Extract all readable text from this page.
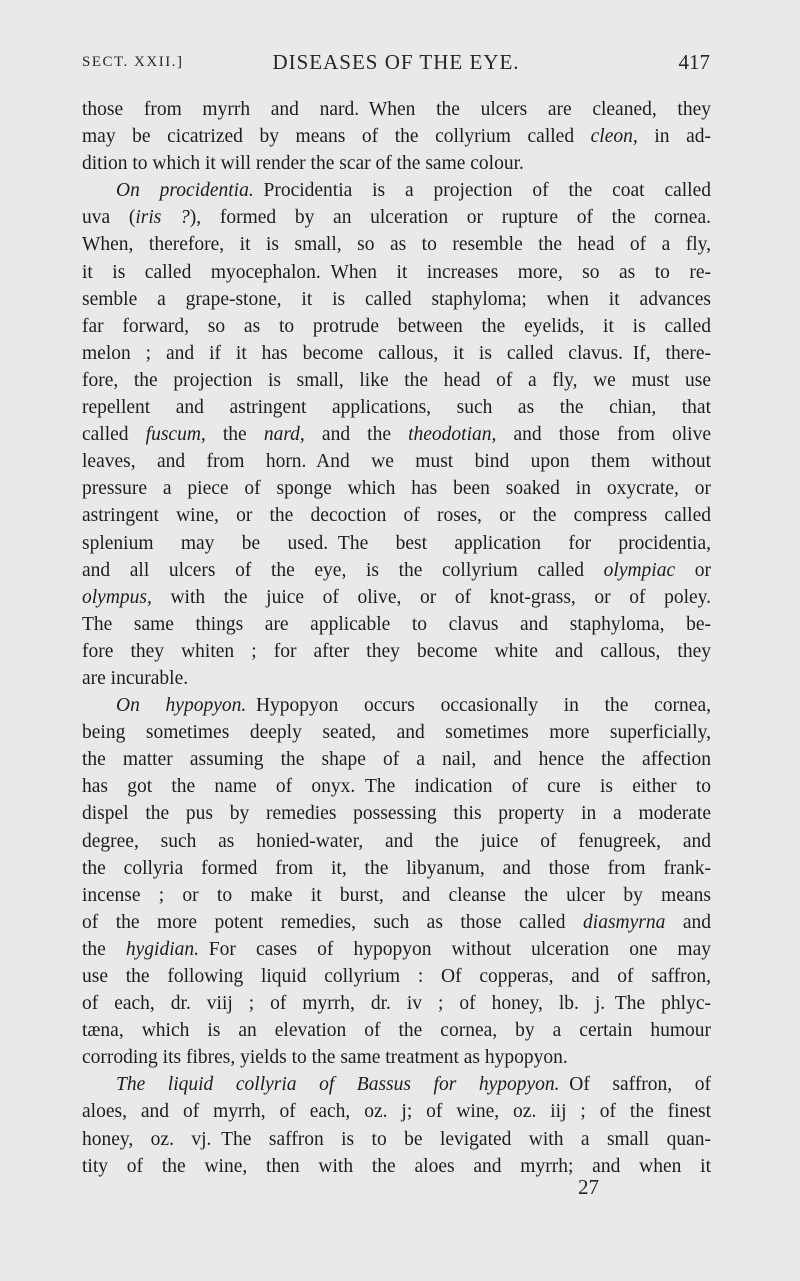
SECT. XXII.]	DISEASES OF THE EYE.	417
those from myrrh and nard. When the ulcers are cleaned, they
may be cicatrized by means of the collyrium called cleon, in ad-
dition to which it will render the scar of the same colour.
On procidentia. Procidentia is a projection of the coat called
uva (iris ?), formed by an ulceration or rupture of the cornea.
When, therefore, it is small, so as to resemble the head of a fly,
it is called myocephalon. When it increases more, so as to re-
semble a grape-stone, it is called staphyloma; when it advances
far forward, so as to protrude between the eyelids, it is called
melon ; and if it has become callous, it is called clavus. If, there-
fore, the projection is small, like the head of a fly, we must use
repellent and astringent applications, such as the chian, that
called fuscum, the nard, and the theodotian, and those from olive
leaves, and from horn. And we must bind upon them without
pressure a piece of sponge which has been soaked in oxycrate, or
astringent wine, or the decoction of roses, or the compress called
splenium may be used. The best application for procidentia,
and all ulcers of the eye, is the collyrium called olympiac or
olympus, with the juice of olive, or of knot-grass, or of poley.
The same things are applicable to clavus and staphyloma, be-
fore they whiten ; for after they become white and callous, they
are incurable.
On hypopyon. Hypopyon occurs occasionally in the cornea,
being sometimes deeply seated, and sometimes more superficially,
the matter assuming the shape of a nail, and hence the affection
has got the name of onyx. The indication of cure is either to
dispel the pus by remedies possessing this property in a moderate
degree, such as honied-water, and the juice of fenugreek, and
the collyria formed from it, the libyanum, and those from frank-
incense ; or to make it burst, and cleanse the ulcer by means
of the more potent remedies, such as those called diasmyrna and
the hygidian. For cases of hypopyon without ulceration one may
use the following liquid collyrium : Of copperas, and of saffron,
of each, dr. viij ; of myrrh, dr. iv ; of honey, lb. j. The phlyc-
tæna, which is an elevation of the cornea, by a certain humour
corroding its fibres, yields to the same treatment as hypopyon.
The liquid collyria of Bassus for hypopyon. Of saffron, of
aloes, and of myrrh, of each, oz. j; of wine, oz. iij ; of the finest
honey, oz. vj. The saffron is to be levigated with a small quan-
tity of the wine, then with the aloes and myrrh; and when it
27
